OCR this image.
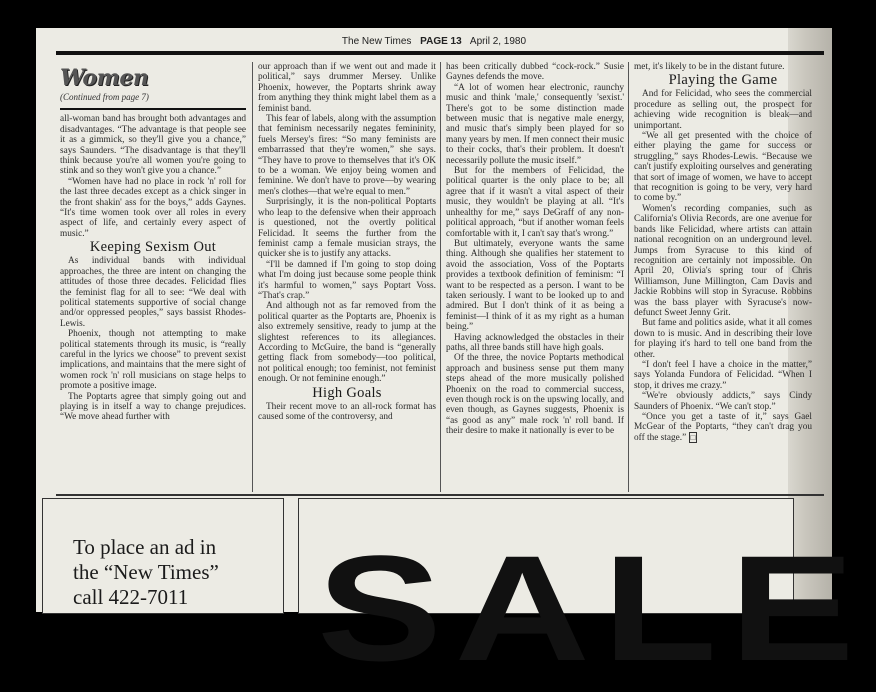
The New Times PAGE 13 April 2, 1980
Women

(Continued from page 7)

all-woman band has brought both advantages and disadvantages. “The advantage is that people see it as a gimmick, so they'll give you a chance,” says Saunders. “The disadvantage is that they'll think because you're all women you're going to stink and so they won't give you a chance.”

“Women have had no place in rock 'n' roll for the last three decades except as a chick singer in the front shakin' ass for the boys,” adds Gaynes. “It's time women took over all roles in every aspect of life, and certainly every aspect of music.”

Keeping Sexism Out

As individual bands with individual approaches, the three are intent on changing the attitudes of those three decades. Felicidad flies the feminist flag for all to see: “We deal with political statements supportive of social change and/or oppressed peoples,” says bassist Rhodes-Lewis.

Phoenix, though not attempting to make political statements through its music, is “really careful in the lyrics we choose” to prevent sexist implications, and maintains that the mere sight of women rock 'n' roll musicians on stage helps to promote a positive image.

The Poptarts agree that simply going out and playing is in itself a way to change prejudices. “We move ahead further with

our approach than if we went out and made it political,” says drummer Mersey. Unlike Phoenix, however, the Poptarts shrink away from anything they think might label them as a feminist band.

This fear of labels, along with the assumption that feminism necessarily negates femininity, fuels Mersey's fires: “So many feminists are embarrassed that they're women,” she says. “They have to prove to themselves that it's OK to be a woman. We enjoy being women and feminine. We don't have to prove—by wearing men's clothes—that we're equal to men.”

Surprisingly, it is the non-political Poptarts who leap to the defensive when their approach is questioned, not the overtly political Felicidad. It seems the further from the feminist camp a female musician strays, the quicker she is to justify any attacks.

“I'll be damned if I'm going to stop doing what I'm doing just because some people think it's harmful to women,” says Poptart Voss. “That's crap.”

And although not as far removed from the political quarter as the Poptarts are, Phoenix is also extremely sensitive, ready to jump at the slightest references to its allegiances. According to McGuire, the band is “generally getting flack from somebody—too political, not political enough; too feminist, not feminist enough. Or not feminine enough.”

High Goals

Their recent move to an all-rock format has caused some of the controversy, and

has been critically dubbed “cock-rock.” Susie Gaynes defends the move.

“A lot of women hear electronic, raunchy music and think 'male,' consequently 'sexist.' There's got to be some distinction made between music that is negative male energy, and music that's simply been played for so many years by men. If men connect their music to their cocks, that's their problem. It doesn't necessarily pollute the music itself.”

But for the members of Felicidad, the political quarter is the only place to be; all agree that if it wasn't a vital aspect of their music, they wouldn't be playing at all. “It's unhealthy for me,” says DeGraff of any non-political approach, “but if another woman feels comfortable with it, I can't say that's wrong.”

But ultimately, everyone wants the same thing. Although she qualifies her statement to avoid the association, Voss of the Poptarts provides a textbook definition of feminism: “I want to be respected as a person. I want to be taken seriously. I want to be looked up to and admired. But I don't think of it as being a feminist—I think of it as my right as a human being.”

Having acknowledged the obstacles in their paths, all three bands still have high goals.

Of the three, the novice Poptarts methodical approach and business sense put them many steps ahead of the more musically polished Phoenix on the road to commercial success, even though rock is on the upswing locally, and even though, as Gaynes suggests, Phoenix is “as good as any” male rock 'n' roll band. If their desire to make it nationally is ever to be

met, it's likely to be in the distant future.

Playing the Game

And for Felicidad, who sees the commercial procedure as selling out, the prospect for achieving wide recognition is bleak—and unimportant.

“We all get presented with the choice of either playing the game for success or struggling,” says Rhodes-Lewis. “Because we can't justify exploiting ourselves and generating that sort of image of women, we have to accept that recognition is going to be very, very hard to come by.”

Women's recording companies, such as California's Olivia Records, are one avenue for bands like Felicidad, where artists can attain national recognition on an underground level. Jumps from Syracuse to this kind of recognition are certainly not impossible. On April 20, Olivia's spring tour of Chris Williamson, June Millington, Cam Davis and Jackie Robbins will stop in Syracuse. Robbins was the bass player with Syracuse's now-defunct Sweet Jenny Grit.

But fame and politics aside, what it all comes down to is music. And in describing their love for playing it's hard to tell one band from the other.

“I don't feel I have a choice in the matter,” says Yolanda Fundora of Felicidad. “When I stop, it drives me crazy.”

“We're obviously addicts,” says Cindy Saunders of Phoenix. “We can't stop.”

“Once you get a taste of it,” says Gael McGear of the Poptarts, “they can't drag you off the stage.” □

To place an ad in
the “New Times”
call 422-7011 SALE
